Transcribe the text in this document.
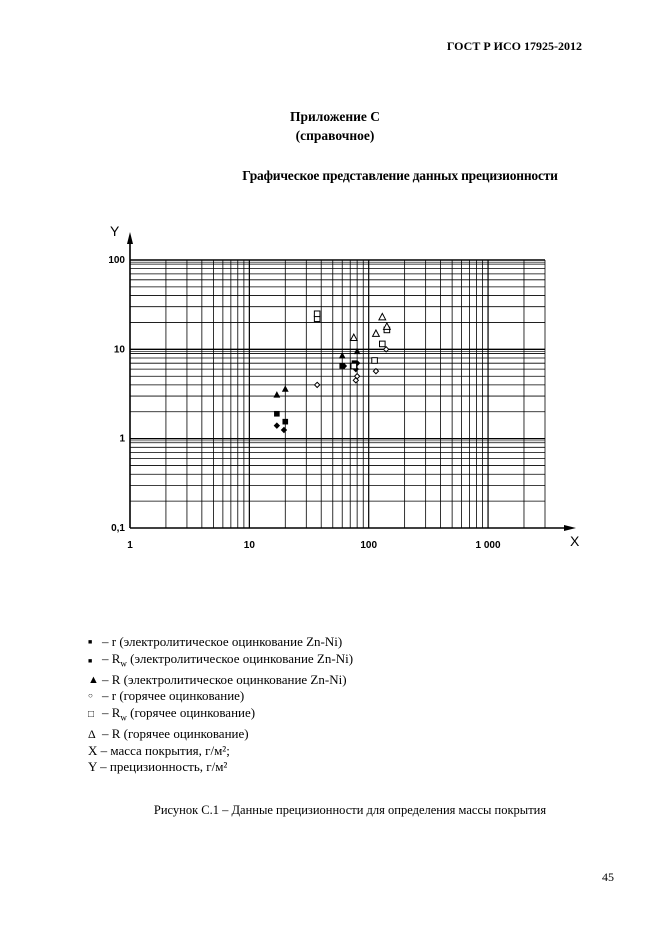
ГОСТ Р ИСО 17925-2012
Приложение С
(справочное)
Графическое представление данных прецизионности
Y
X
1	10	100	1 000
0,1
1
10
100
■ – r (электролитическое оцинкование Zn-Ni)
■ – $R_w$ (электролитическое оцинкование Zn-Ni)
▲ – R (электролитическое оцинкование Zn-Ni)
○ – r (горячее оцинкование)
□ – $R_w$ (горячее оцинкование)
Δ – R (горячее оцинкование)
X – масса покрытия, г/м²;
Y – прецизионность, г/м²
Рисунок С.1 – Данные прецизионности для определения массы покрытия
45
